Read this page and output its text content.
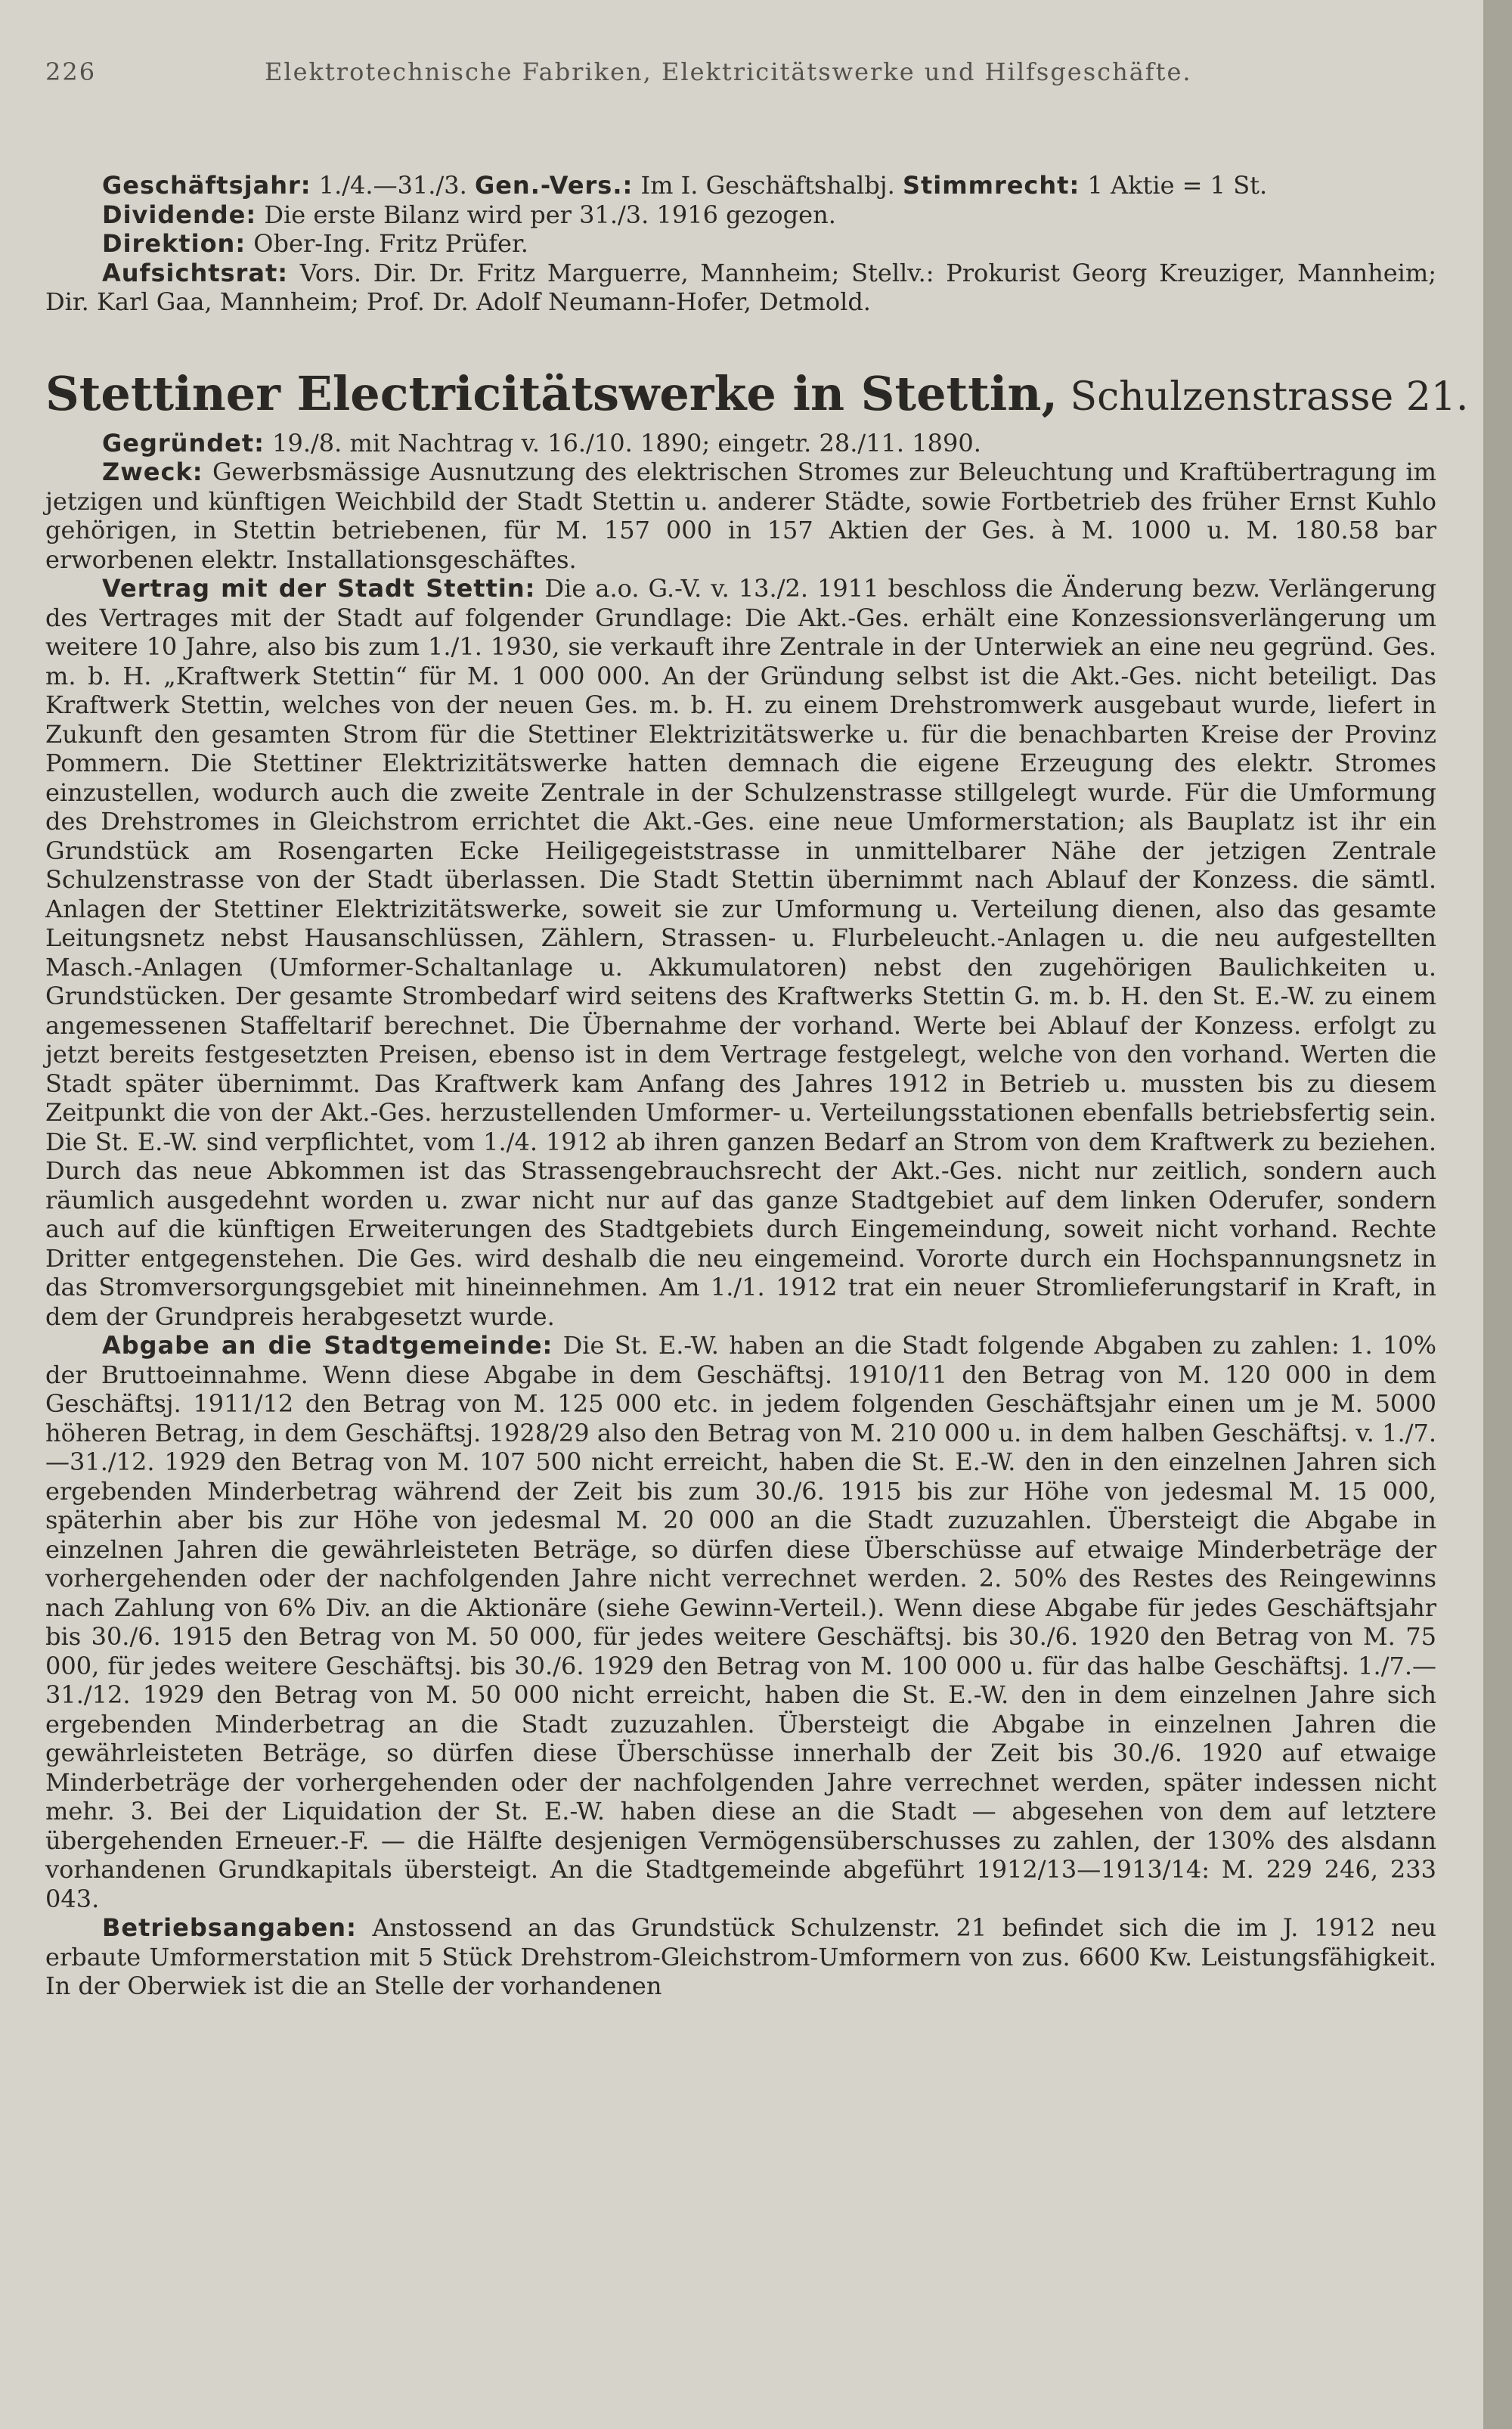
226	Elektrotechnische Fabriken, Elektricitätswerke und Hilfsgeschäfte.

Geschäftsjahr: 1./4.—31./3. Gen.-Vers.: Im I. Geschäftshalbj. Stimmrecht: 1 Aktie = 1 St.

Dividende: Die erste Bilanz wird per 31./3. 1916 gezogen.

Direktion: Ober-Ing. Fritz Prüfer.

Aufsichtsrat: Vors. Dir. Dr. Fritz Marguerre, Mannheim; Stellv.: Prokurist Georg Kreuziger, Mannheim; Dir. Karl Gaa, Mannheim; Prof. Dr. Adolf Neumann-Hofer, Detmold.

Stettiner Electricitätswerke in Stettin, Schulzenstrasse 21.

Gegründet: 19./8. mit Nachtrag v. 16./10. 1890; eingetr. 28./11. 1890.

Zweck: Gewerbsmässige Ausnutzung des elektrischen Stromes zur Beleuchtung und Kraftübertragung im jetzigen und künftigen Weichbild der Stadt Stettin u. anderer Städte, sowie Fortbetrieb des früher Ernst Kuhlo gehörigen, in Stettin betriebenen, für M. 157 000 in 157 Aktien der Ges. à M. 1000 u. M. 180.58 bar erworbenen elektr. Installationsgeschäftes.

Vertrag mit der Stadt Stettin: Die a.o. G.-V. v. 13./2. 1911 beschloss die Änderung bezw. Verlängerung des Vertrages mit der Stadt auf folgender Grundlage: Die Akt.-Ges. erhält eine Konzessionsverlängerung um weitere 10 Jahre, also bis zum 1./1. 1930, sie verkauft ihre Zentrale in der Unterwiek an eine neu gegründ. Ges. m. b. H. „Kraftwerk Stettin“ für M. 1 000 000. An der Gründung selbst ist die Akt.-Ges. nicht beteiligt. Das Kraftwerk Stettin, welches von der neuen Ges. m. b. H. zu einem Drehstromwerk ausgebaut wurde, liefert in Zukunft den gesamten Strom für die Stettiner Elektrizitätswerke u. für die benachbarten Kreise der Provinz Pommern. Die Stettiner Elektrizitätswerke hatten demnach die eigene Erzeugung des elektr. Stromes einzustellen, wodurch auch die zweite Zentrale in der Schulzenstrasse stillgelegt wurde. Für die Umformung des Drehstromes in Gleichstrom errichtet die Akt.-Ges. eine neue Umformerstation; als Bauplatz ist ihr ein Grundstück am Rosengarten Ecke Heiligegeiststrasse in unmittelbarer Nähe der jetzigen Zentrale Schulzenstrasse von der Stadt überlassen. Die Stadt Stettin übernimmt nach Ablauf der Konzess. die sämtl. Anlagen der Stettiner Elektrizitätswerke, soweit sie zur Umformung u. Verteilung dienen, also das gesamte Leitungsnetz nebst Hausanschlüssen, Zählern, Strassen- u. Flurbeleucht.-Anlagen u. die neu aufgestellten Masch.-Anlagen (Umformer-Schaltanlage u. Akkumulatoren) nebst den zugehörigen Baulichkeiten u. Grundstücken. Der gesamte Strombedarf wird seitens des Kraftwerks Stettin G. m. b. H. den St. E.-W. zu einem angemessenen Staffeltarif berechnet. Die Übernahme der vorhand. Werte bei Ablauf der Konzess. erfolgt zu jetzt bereits festgesetzten Preisen, ebenso ist in dem Vertrage festgelegt, welche von den vorhand. Werten die Stadt später übernimmt. Das Kraftwerk kam Anfang des Jahres 1912 in Betrieb u. mussten bis zu diesem Zeitpunkt die von der Akt.-Ges. herzustellenden Umformer- u. Verteilungsstationen ebenfalls betriebsfertig sein. Die St. E.-W. sind verpflichtet, vom 1./4. 1912 ab ihren ganzen Bedarf an Strom von dem Kraftwerk zu beziehen. Durch das neue Abkommen ist das Strassengebrauchsrecht der Akt.-Ges. nicht nur zeitlich, sondern auch räumlich ausgedehnt worden u. zwar nicht nur auf das ganze Stadtgebiet auf dem linken Oderufer, sondern auch auf die künftigen Erweiterungen des Stadtgebiets durch Eingemeindung, soweit nicht vorhand. Rechte Dritter entgegenstehen. Die Ges. wird deshalb die neu eingemeind. Vororte durch ein Hochspannungsnetz in das Stromversorgungsgebiet mit hineinnehmen. Am 1./1. 1912 trat ein neuer Stromlieferungstarif in Kraft, in dem der Grundpreis herabgesetzt wurde.

Abgabe an die Stadtgemeinde: Die St. E.-W. haben an die Stadt folgende Abgaben zu zahlen: 1. 10% der Bruttoeinnahme. Wenn diese Abgabe in dem Geschäftsj. 1910/11 den Betrag von M. 120 000 in dem Geschäftsj. 1911/12 den Betrag von M. 125 000 etc. in jedem folgenden Geschäftsjahr einen um je M. 5000 höheren Betrag, in dem Geschäftsj. 1928/29 also den Betrag von M. 210 000 u. in dem halben Geschäftsj. v. 1./7.—31./12. 1929 den Betrag von M. 107 500 nicht erreicht, haben die St. E.-W. den in den einzelnen Jahren sich ergebenden Minderbetrag während der Zeit bis zum 30./6. 1915 bis zur Höhe von jedesmal M. 15 000, späterhin aber bis zur Höhe von jedesmal M. 20 000 an die Stadt zuzuzahlen. Übersteigt die Abgabe in einzelnen Jahren die gewährleisteten Beträge, so dürfen diese Überschüsse auf etwaige Minderbeträge der vorhergehenden oder der nachfolgenden Jahre nicht verrechnet werden. 2. 50% des Restes des Reingewinns nach Zahlung von 6% Div. an die Aktionäre (siehe Gewinn-Verteil.). Wenn diese Abgabe für jedes Geschäftsjahr bis 30./6. 1915 den Betrag von M. 50 000, für jedes weitere Geschäftsj. bis 30./6. 1920 den Betrag von M. 75 000, für jedes weitere Geschäftsj. bis 30./6. 1929 den Betrag von M. 100 000 u. für das halbe Geschäftsj. 1./7.—31./12. 1929 den Betrag von M. 50 000 nicht erreicht, haben die St. E.-W. den in dem einzelnen Jahre sich ergebenden Minderbetrag an die Stadt zuzuzahlen. Übersteigt die Abgabe in einzelnen Jahren die gewährleisteten Beträge, so dürfen diese Überschüsse innerhalb der Zeit bis 30./6. 1920 auf etwaige Minderbeträge der vorhergehenden oder der nachfolgenden Jahre verrechnet werden, später indessen nicht mehr. 3. Bei der Liquidation der St. E.-W. haben diese an die Stadt — abgesehen von dem auf letztere übergehenden Erneuer.-F. — die Hälfte desjenigen Vermögensüberschusses zu zahlen, der 130% des alsdann vorhandenen Grundkapitals übersteigt. An die Stadtgemeinde abgeführt 1912/13—1913/14: M. 229 246, 233 043.

Betriebsangaben: Anstossend an das Grundstück Schulzenstr. 21 befindet sich die im J. 1912 neu erbaute Umformerstation mit 5 Stück Drehstrom-Gleichstrom-Umformern von zus. 6600 Kw. Leistungsfähigkeit. In der Oberwiek ist die an Stelle der vorhandenen
